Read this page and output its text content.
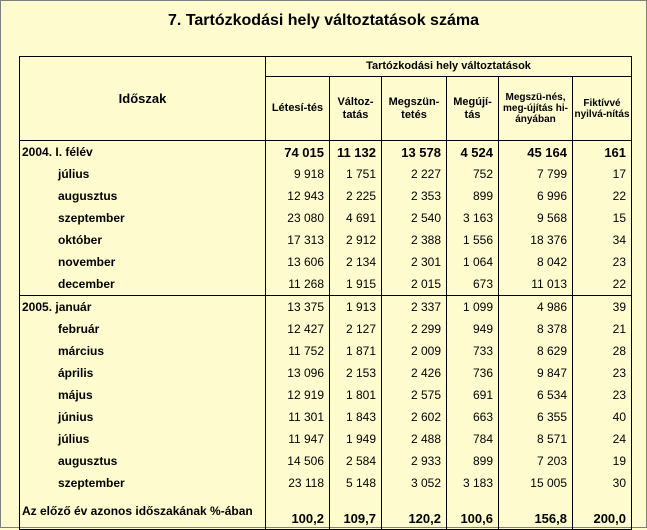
7. Tartózkodási hely változtatások száma
Időszak	Tartózkodási hely változtatások					
	Létesí-tés	Változ-tatás	Megszün-tetés	Megújí-tás	Megszü-nés, meg-újítás hi-ányában	Fiktívvé nyilvá-nítás
2004. I. félév	74 015	11 132	13 578	4 524	45 164	161
július	9 918	1 751	2 227	752	7 799	17
augusztus	12 943	2 225	2 353	899	6 996	22
szeptember	23 080	4 691	2 540	3 163	9 568	15
október	17 313	2 912	2 388	1 556	18 376	34
november	13 606	2 134	2 301	1 064	8 042	23
december	11 268	1 915	2 015	673	11 013	22
2005. január	13 375	1 913	2 337	1 099	4 986	39
február	12 427	2 127	2 299	949	8 378	21
március	11 752	1 871	2 009	733	8 629	28
április	13 096	2 153	2 426	736	9 847	23
május	12 919	1 801	2 575	691	6 534	23
június	11 301	1 843	2 602	663	6 355	40
július	11 947	1 949	2 488	784	8 571	24
augusztus	14 506	2 584	2 933	899	7 203	19
szeptember	23 118	5 148	3 052	3 183	15 005	30
Az előző év azonos időszakának %-ában	100,2	109,7	120,2	100,6	156,8	200,0
